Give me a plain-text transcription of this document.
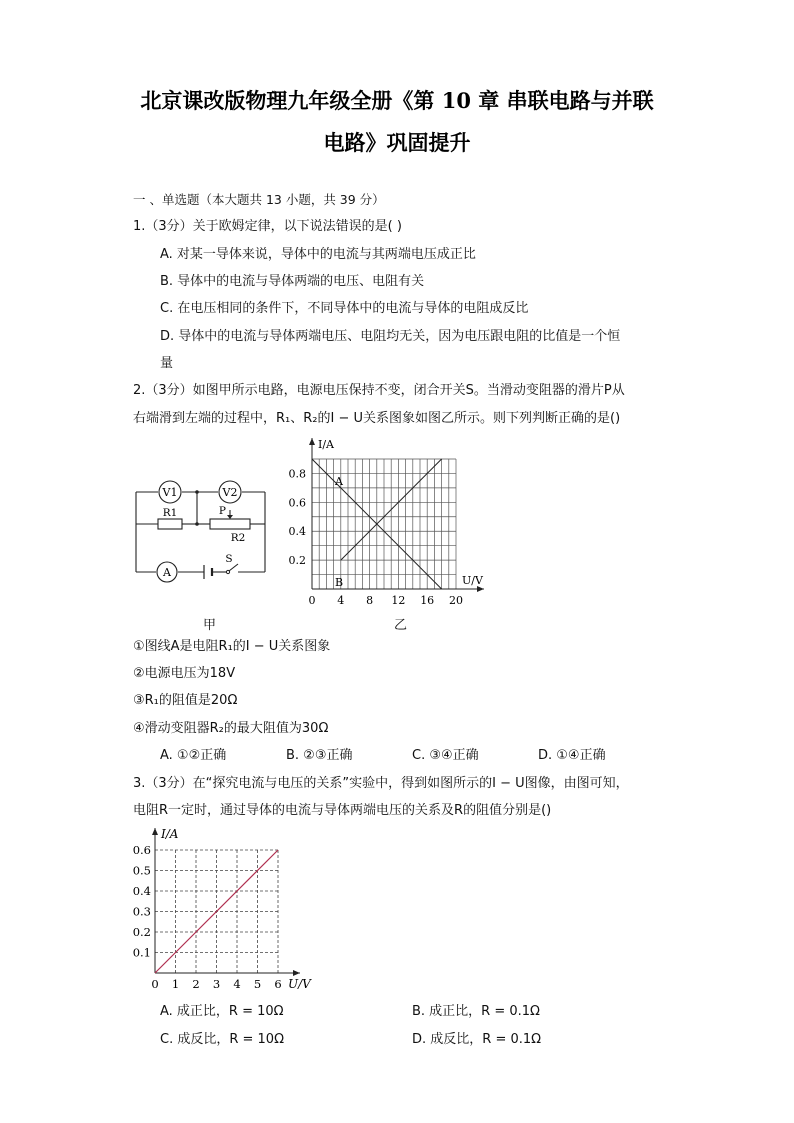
北京课改版物理九年级全册《第 10 章 串联电路与并联
电路》巩固提升
一 、单选题（本大题共 13 小题，共 39 分）
1.（3分）关于欧姆定律，以下说法错误的是( )
A. 对某一导体来说，导体中的电流与其两端电压成正比
B. 导体中的电流与导体两端的电压、电阻有关
C. 在电压相同的条件下，不同导体中的电流与导体的电阻成反比
D. 导体中的电流与导体两端电压、电阻均无关，因为电压跟电阻的比值是一个恒
量
2.（3分）如图甲所示电路，电源电压保持不变，闭合开关S。当滑动变阻器的滑片P从
右端滑到左端的过程中，R₁、R₂的I − U关系图象如图乙所示。则下列判断正确的是()
V1	V2
R1	P
R2
A
S
甲
I/A
U/V
0 4 8 12 16 20
0.2
0.4
0.6
0.8
A
B
乙
①图线A是电阻R₁的I − U关系图象
②电源电压为18V
③R₁的阻值是20Ω
④滑动变阻器R₂的最大阻值为30Ω
A. ①②正确	B. ②③正确	C. ③④正确	D. ①④正确
3.（3分）在“探究电流与电压的关系”实验中，得到如图所示的I − U图像，由图可知，
电阻R一定时，通过导体的电流与导体两端电压的关系及R的阻值分别是()
I/A
U/V
0 1 2 3 4 5 6
0.1
0.2
0.3
0.4
0.5
0.6
A. 成正比，R = 10Ω	B. 成正比，R = 0.1Ω
C. 成反比，R = 10Ω	D. 成反比，R = 0.1Ω
